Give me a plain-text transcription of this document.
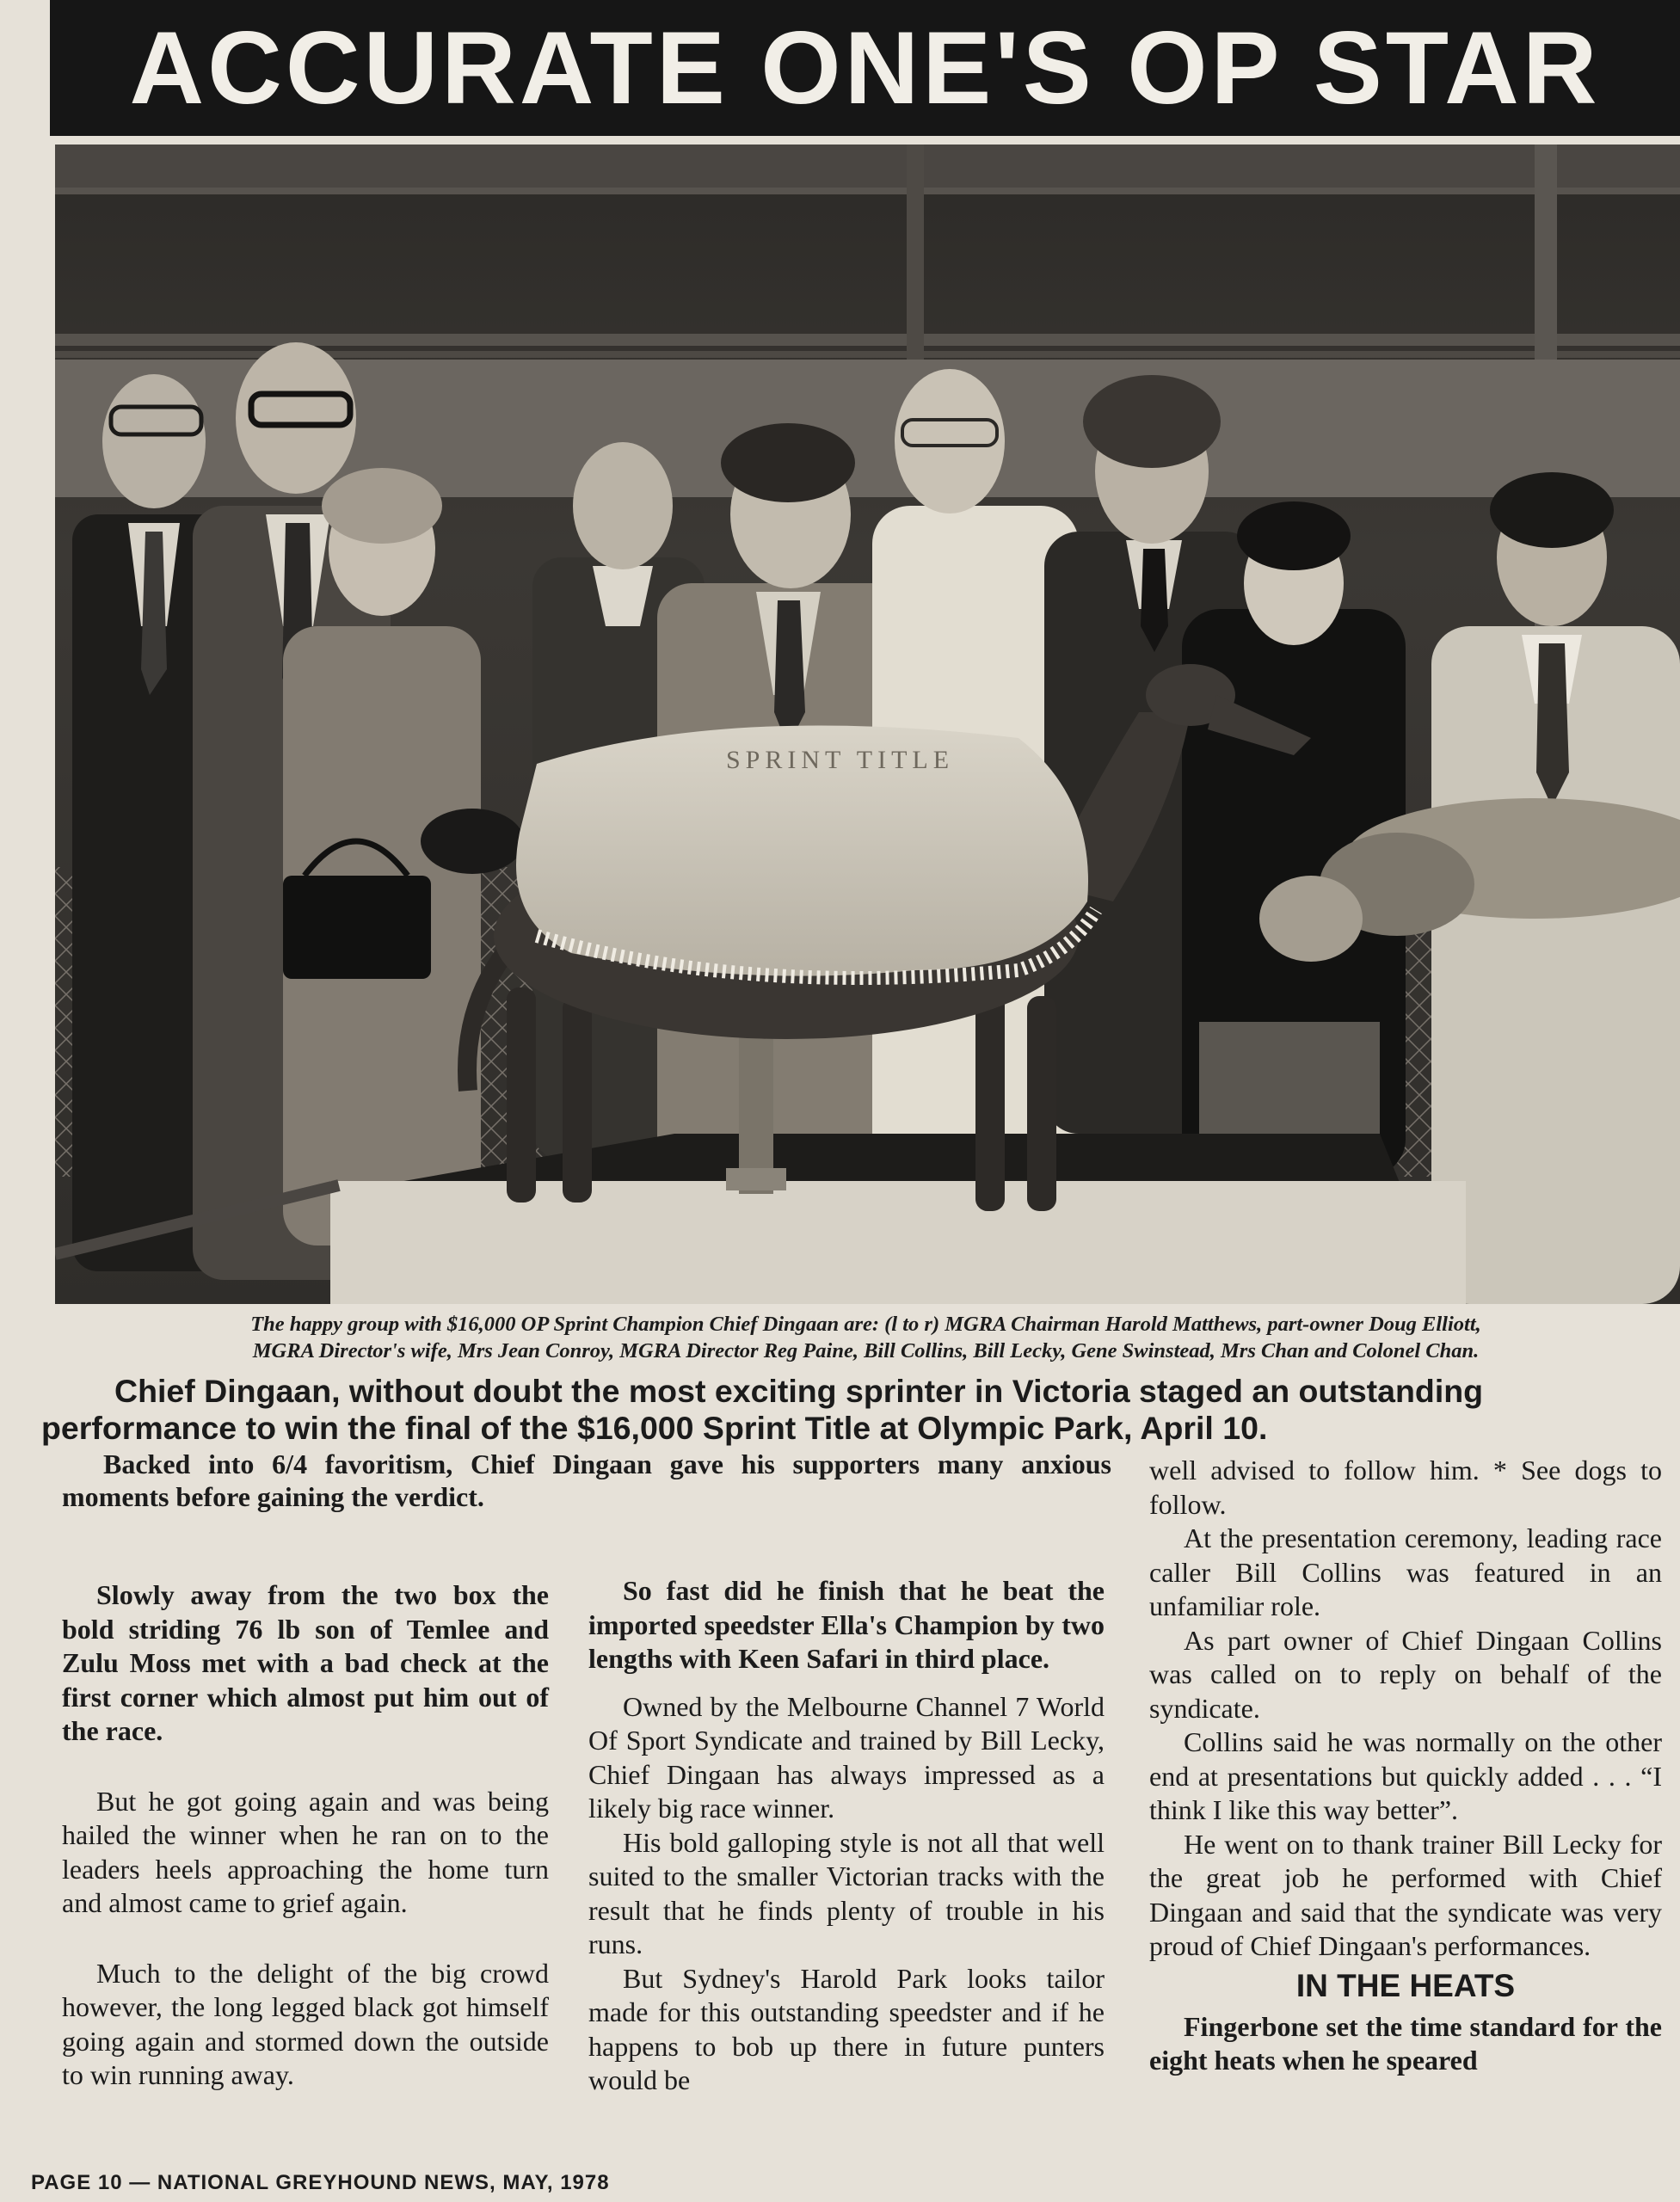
ACCURATE ONE'S OP STAR
SPRINT TITLE

The happy group with $16,000 OP Sprint Champion Chief Dingaan are: (l to r) MGRA Chairman Harold Matthews, part-owner Doug Elliott,

MGRA Director's wife, Mrs Jean Conroy, MGRA Director Reg Paine, Bill Collins, Bill Lecky, Gene Swinstead, Mrs Chan and Colonel Chan.

Chief Dingaan, without doubt the most exciting sprinter in Victoria staged an outstanding

performance to win the final of the $16,000 Sprint Title at Olympic Park, April 10.

Backed into 6/4 favoritism, Chief Dingaan gave his supporters many anxious moments before gaining the verdict.

Slowly away from the two box the bold striding 76 lb son of Temlee and Zulu Moss met with a bad check at the first corner which almost put him out of the race.

But he got going again and was being hailed the winner when he ran on to the leaders heels approaching the home turn and almost came to grief again.

Much to the delight of the big crowd however, the long legged black got himself going again and stormed down the outside to win running away.

So fast did he finish that he beat the imported speedster Ella's Champion by two lengths with Keen Safari in third place.

Owned by the Melbourne Channel 7 World Of Sport Syndicate and trained by Bill Lecky, Chief Dingaan has always impressed as a likely big race winner.

His bold galloping style is not all that well suited to the smaller Victorian tracks with the result that he finds plenty of trouble in his runs.

But Sydney's Harold Park looks tailor made for this outstanding speedster and if he happens to bob up there in future punters would be

well advised to follow him. * See dogs to follow.

At the presentation ceremony, leading race caller Bill Collins was featured in an unfamiliar role.

As part owner of Chief Dingaan Collins was called on to reply on behalf of the syndicate.

Collins said he was normally on the other end at presentations but quickly added . . . “I think I like this way better”.

He went on to thank trainer Bill Lecky for the great job he performed with Chief Dingaan and said that the syndicate was very proud of Chief Dingaan's performances.

IN THE HEATS

Fingerbone set the time standard for the eight heats when he speared

PAGE 10 — NATIONAL GREYHOUND NEWS, MAY, 1978
